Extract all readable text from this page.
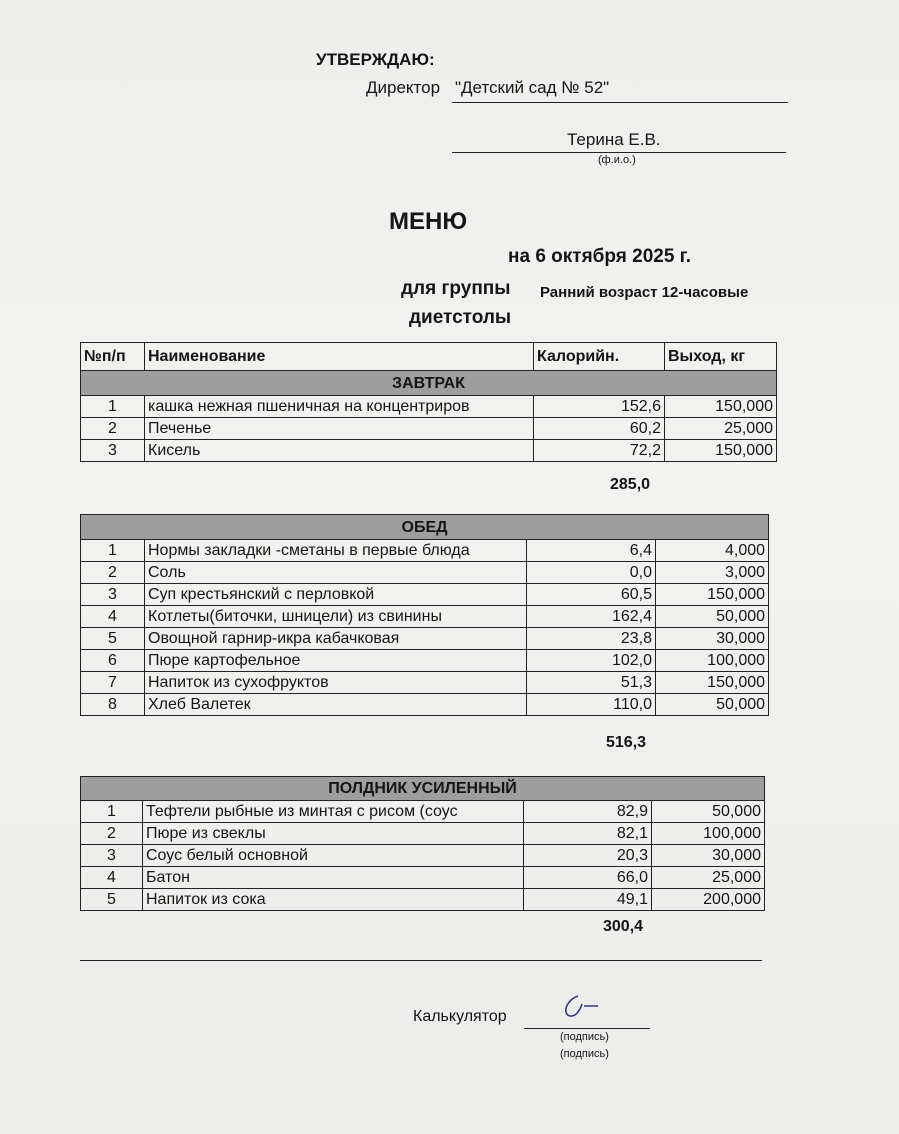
УТВЕРЖДАЮ:
Директор "Детский сад № 52"
Терина Е.В.
(ф.и.о.)
МЕНЮ
на 6 октября 2025 г.
для группы Ранний возраст 12-часовые
диетстолы
№п/п	Наименование	Калорийн.	Выход, кг
ЗАВТРАК			
1	кашка нежная пшеничная на концентриров	152,6	150,000
2	Печенье	60,2	25,000
3	Кисель	72,2	150,000
285,0
ОБЕД			
1	Нормы закладки -сметаны в первые блюда	6,4	4,000
2	Соль	0,0	3,000
3	Суп крестьянский с перловкой	60,5	150,000
4	Котлеты(биточки, шницели) из свинины	162,4	50,000
5	Овощной гарнир-икра кабачковая	23,8	30,000
6	Пюре картофельное	102,0	100,000
7	Напиток из сухофруктов	51,3	150,000
8	Хлеб Валетек	110,0	50,000
516,3
ПОЛДНИК УСИЛЕННЫЙ			
1	Тефтели рыбные из минтая с рисом (соус	82,9	50,000
2	Пюре из свеклы	82,1	100,000
3	Соус белый основной	20,3	30,000
4	Батон	66,0	25,000
5	Напиток из сока	49,1	200,000
300,4
Калькулятор
(подпись)
(подпись)
